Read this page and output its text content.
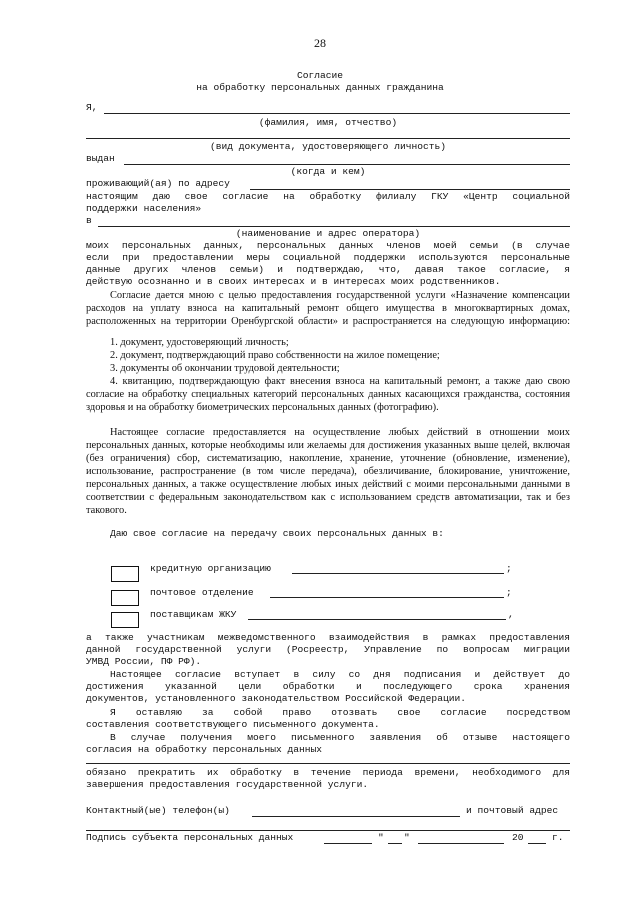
28
Согласие
на обработку персональных данных гражданина
Я,
(фамилия, имя, отчество)
(вид документа, удостоверяющего личность)
выдан
(когда и кем)
проживающий(ая) по адресу
настоящим даю свое согласие на обработку филиалу ГКУ «Центр социальной
поддержки населения»
в
(наименование и адрес оператора)

моих персональных данных, персональных данных членов моей семьи (в случае

если при предоставлении меры социальной поддержки используются персональные

данные других членов семьи) и подтверждаю, что, давая такое согласие, я

действую осознанно и в своих интересах и в интересах моих родственников.

Согласие дается мною с целью предоставления государственной услуги «Назначение компенсации

расходов на уплату взноса на капитальный ремонт общего имущества в многоквартирных домах,

расположенных на территории Оренбургской области» и распространяется на следующую информацию:

1. документ, удостоверяющий личность;

2. документ, подтверждающий право собственности на жилое помещение;

3. документы об окончании трудовой деятельности;

4. квитанцию, подтверждающую факт внесения взноса на капитальный ремонт, а также даю свою

согласие на обработку специальных категорий персональных данных касающихся гражданства, состояния

здоровья и на обработку биометрических персональных данных (фотографию).

Настоящее согласие предоставляется на осуществление любых действий в отношении моих

персональных данных, которые необходимы или желаемы для достижения указанных выше целей, включая

(без ограничения) сбор, систематизацию, накопление, хранение, уточнение (обновление, изменение),

использование, распространение (в том числе передача), обезличивание, блокирование, уничтожение,

персональных данных, а также осуществление любых иных действий с моими персональными данными в

соответствии с федеральным законодательством как с использованием средств автоматизации, так и без

такового.

Даю свое согласие на передачу своих персональных данных в:
кредитную организацию	;
почтовое отделение	;
поставщикам ЖКУ	,

а также участникам межведомственного взаимодействия в рамках предоставления

данной государственной услуги (Росреестр, Управление по вопросам миграции

УМВД России, ПФ РФ).

Настоящее согласие вступает в силу со дня подписания и действует до

достижения указанной цели обработки и последующего срока хранения

документов, установленного законодательством Российской Федерации.

Я оставляю за собой право отозвать свое согласие посредством

составления соответствующего письменного документа.

В случае получения моего письменного заявления об отзыве настоящего

согласия на обработку персональных данных

обязано прекратить их обработку в течение периода времени, необходимого для

завершения предоставления государственной услуги.

Контактный(ые) телефон(ы)	и почтовый адрес
Подпись субъекта персональных данных	" "	20	г.
